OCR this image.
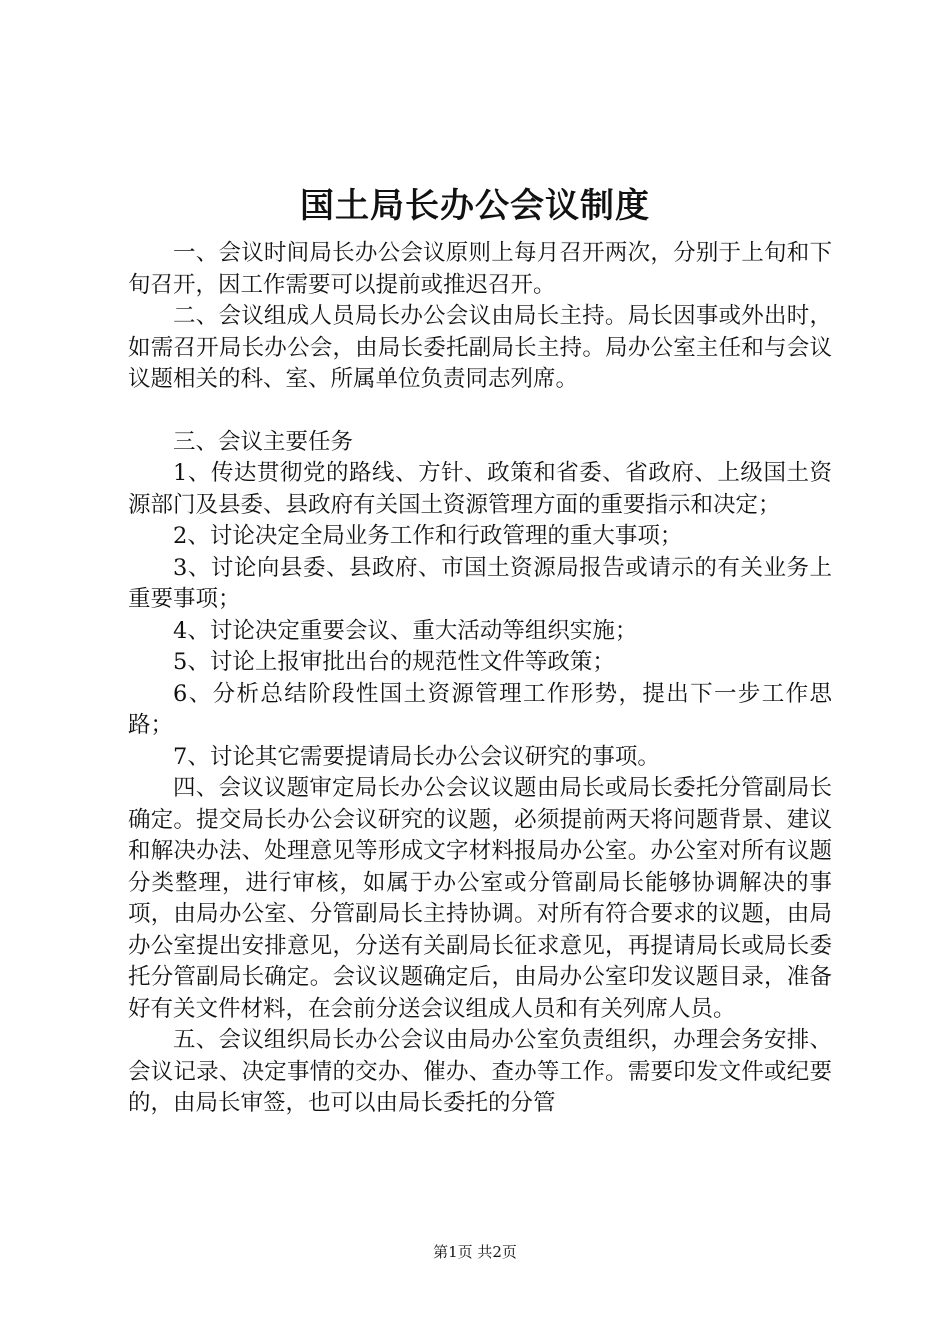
国土局长办公会议制度

一、会议时间局长办公会议原则上每月召开两次，分别于上旬和下旬召开，因工作需要可以提前或推迟召开。

二、会议组成人员局长办公会议由局长主持。局长因事或外出时，如需召开局长办公会，由局长委托副局长主持。局办公室主任和与会议议题相关的科、室、所属单位负责同志列席。

三、会议主要任务

1、传达贯彻党的路线、方针、政策和省委、省政府、上级国土资源部门及县委、县政府有关国土资源管理方面的重要指示和决定；

2、讨论决定全局业务工作和行政管理的重大事项；

3、讨论向县委、县政府、市国土资源局报告或请示的有关业务上重要事项；

4、讨论决定重要会议、重大活动等组织实施；

5、讨论上报审批出台的规范性文件等政策；

6、分析总结阶段性国土资源管理工作形势，提出下一步工作思路；

7、讨论其它需要提请局长办公会议研究的事项。

四、会议议题审定局长办公会议议题由局长或局长委托分管副局长确定。提交局长办公会议研究的议题，必须提前两天将问题背景、建议和解决办法、处理意见等形成文字材料报局办公室。办公室对所有议题分类整理，进行审核，如属于办公室或分管副局长能够协调解决的事项，由局办公室、分管副局长主持协调。对所有符合要求的议题，由局办公室提出安排意见，分送有关副局长征求意见，再提请局长或局长委托分管副局长确定。会议议题确定后，由局办公室印发议题目录，准备好有关文件材料，在会前分送会议组成人员和有关列席人员。

五、会议组织局长办公会议由局办公室负责组织，办理会务安排、会议记录、决定事情的交办、催办、查办等工作。需要印发文件或纪要的，由局长审签，也可以由局长委托的分管

第1页 共2页
